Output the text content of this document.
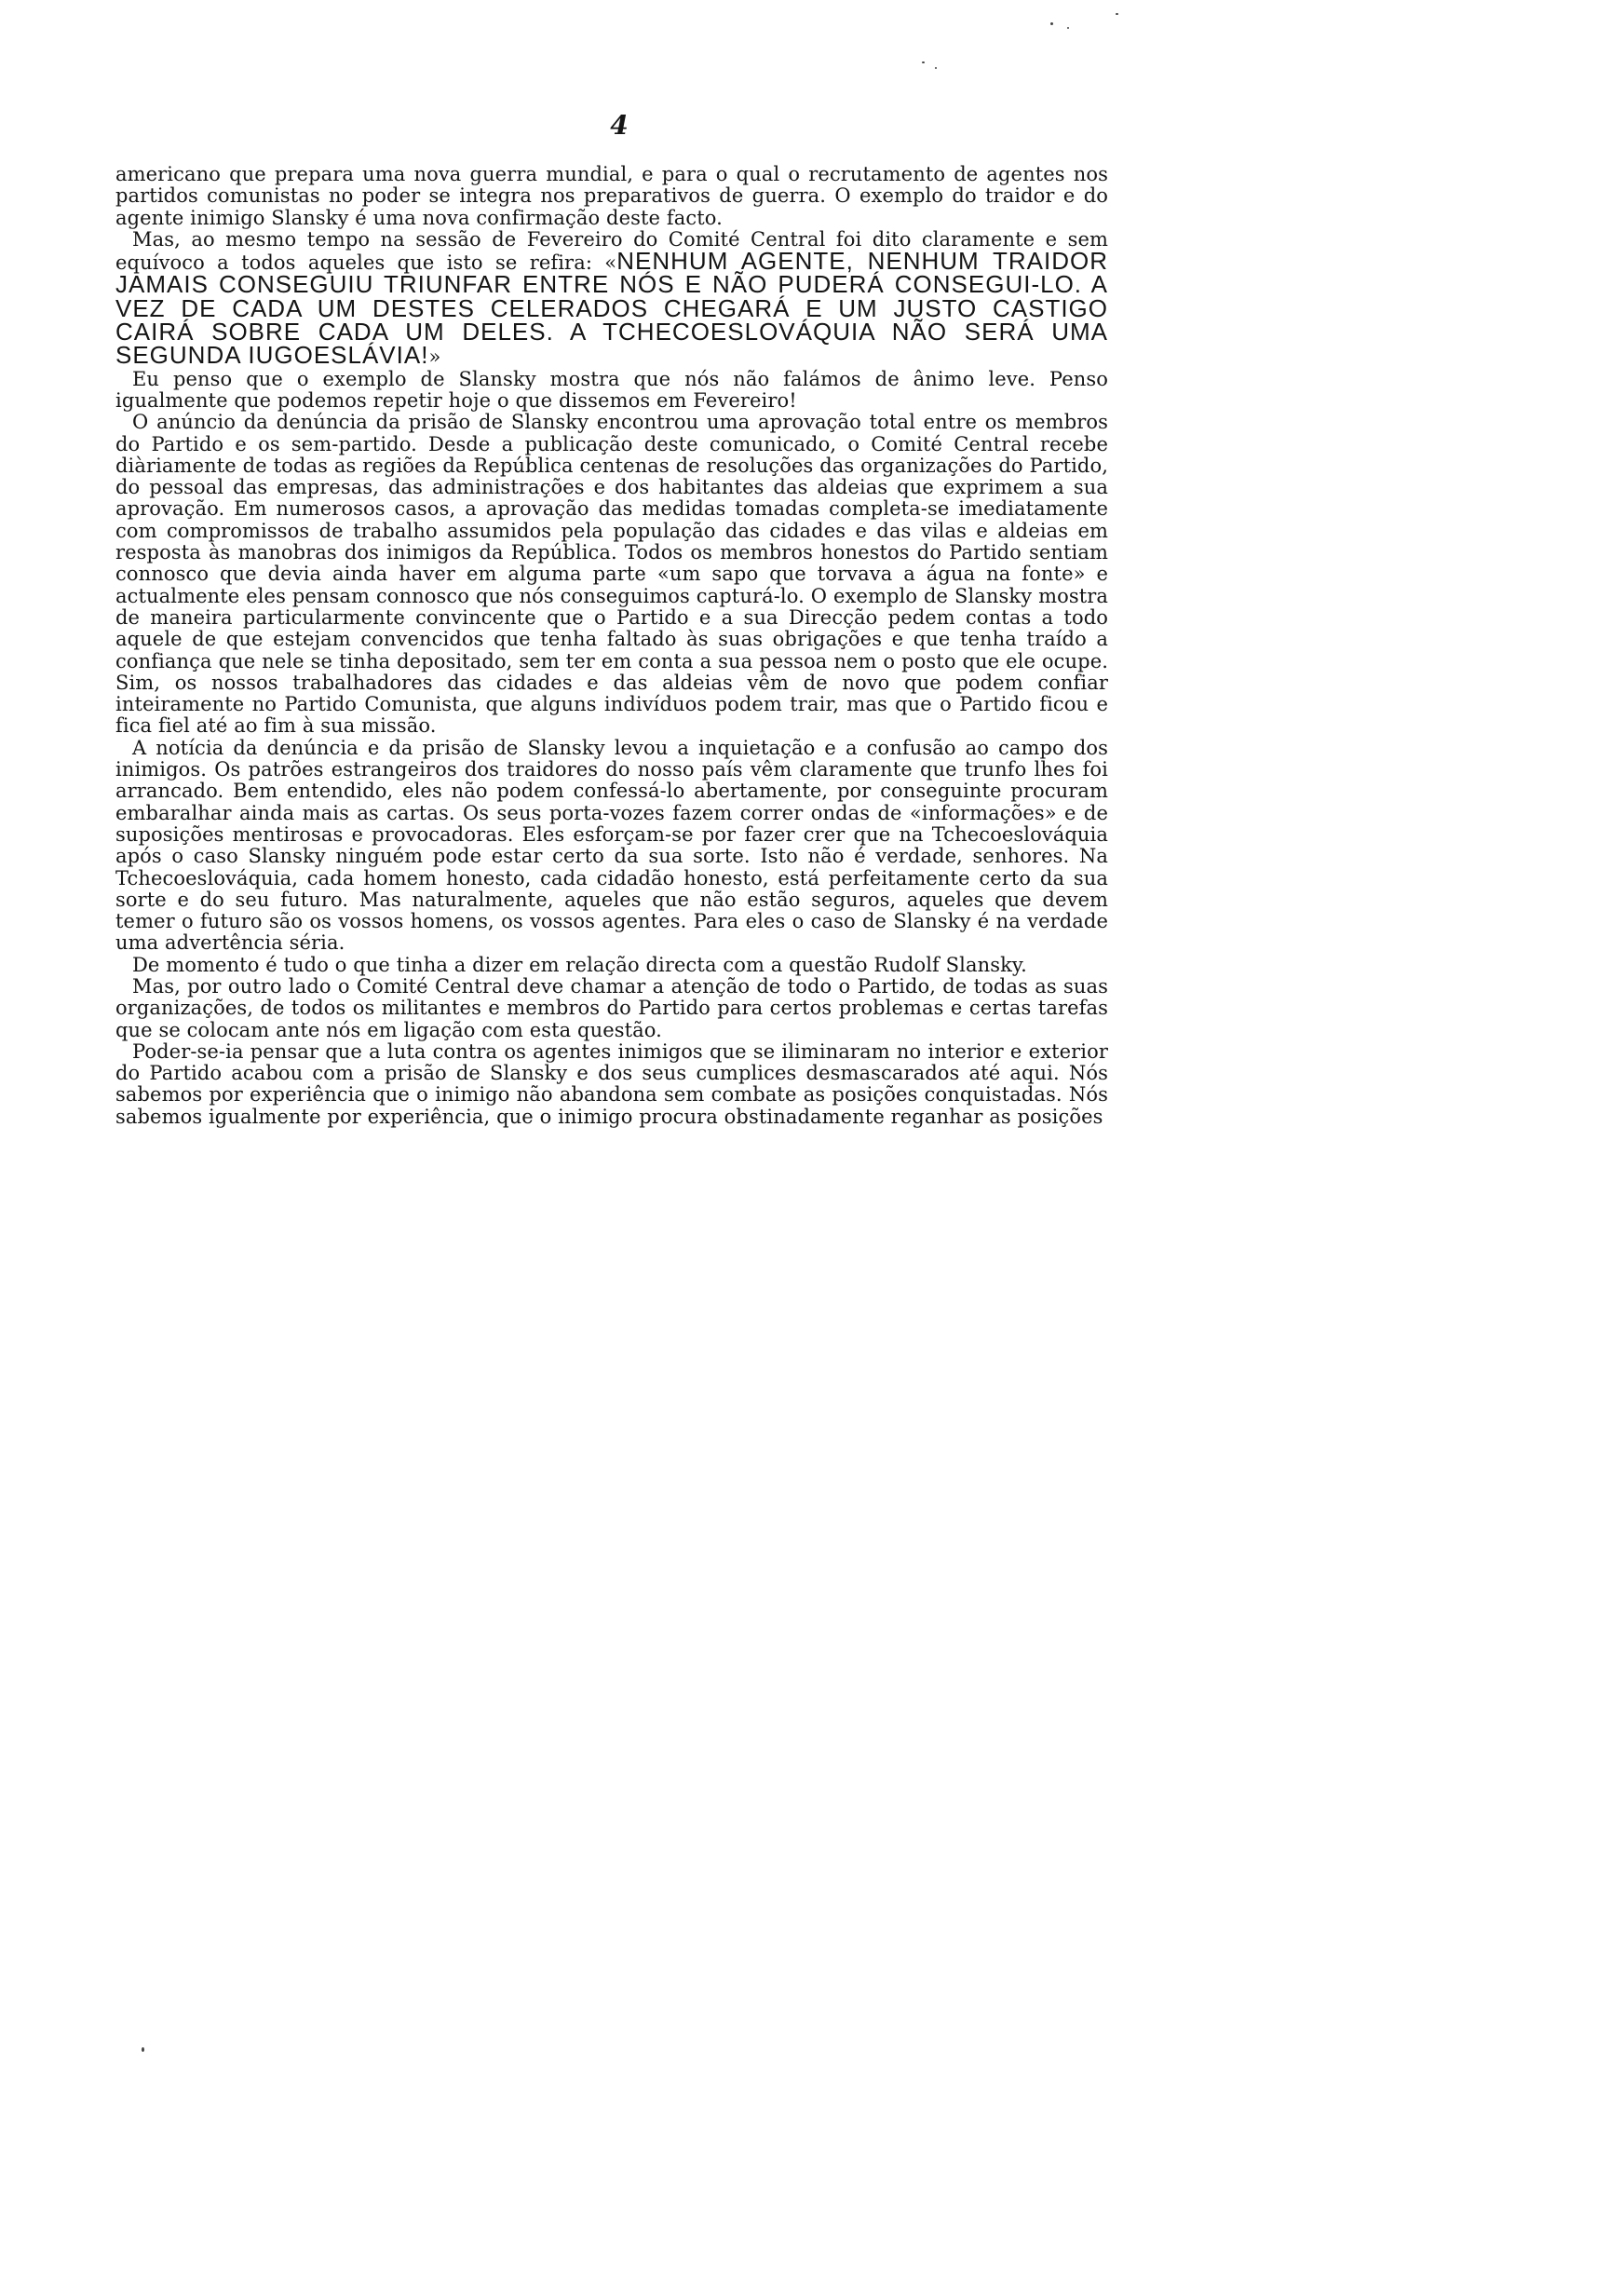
4

americano que prepara uma nova guerra mundial, e para o qual o recrutamento de agentes nos partidos comunistas no poder se integra nos preparativos de guerra. O exemplo do traidor e do agente inimigo Slansky é uma nova confirmação deste facto.

Mas, ao mesmo tempo na sessão de Fevereiro do Comité Central foi dito claramente e sem equívoco a todos aqueles que isto se refira: «NENHUM AGENTE, NENHUM TRAIDOR JAMAIS CONSEGUIU TRIUNFAR ENTRE NÓS E NÃO PUDERÁ CONSEGUI-LO. A VEZ DE CADA UM DESTES CELERADOS CHEGARÁ E UM JUSTO CASTIGO CAIRÁ SOBRE CADA UM DELES. A TCHECOESLOVÁQUIA NÃO SERÁ UMA SEGUNDA IUGOESLÁVIA!»

Eu penso que o exemplo de Slansky mostra que nós não falámos de ânimo leve. Penso igualmente que podemos repetir hoje o que dissemos em Fevereiro!

O anúncio da denúncia da prisão de Slansky encontrou uma aprovação total entre os membros do Partido e os sem-partido. Desde a publicação deste comunicado, o Comité Central recebe diàriamente de todas as regiões da República centenas de resoluções das organizações do Partido, do pessoal das empresas, das administrações e dos habitantes das aldeias que exprimem a sua aprovação. Em numerosos casos, a aprovação das medidas tomadas completa-se imediatamente com compromissos de trabalho assumidos pela população das cidades e das vilas e aldeias em resposta às manobras dos inimigos da República. Todos os membros honestos do Partido sentiam connosco que devia ainda haver em alguma parte «um sapo que torvava a água na fonte» e actualmente eles pensam connosco que nós conseguimos capturá-lo. O exemplo de Slansky mostra de maneira particularmente convincente que o Partido e a sua Direcção pedem contas a todo aquele de que estejam convencidos que tenha faltado às suas obrigações e que tenha traído a confiança que nele se tinha depositado, sem ter em conta a sua pessoa nem o posto que ele ocupe. Sim, os nossos trabalhadores das cidades e das aldeias vêm de novo que podem confiar inteiramente no Partido Comunista, que alguns indivíduos podem trair, mas que o Partido ficou e fica fiel até ao fim à sua missão.

A notícia da denúncia e da prisão de Slansky levou a inquietação e a confusão ao campo dos inimigos. Os patrões estrangeiros dos traidores do nosso país vêm claramente que trunfo lhes foi arrancado. Bem entendido, eles não podem confessá-lo abertamente, por conseguinte procuram embaralhar ainda mais as cartas. Os seus porta-vozes fazem correr ondas de «informações» e de suposições mentirosas e provocadoras. Eles esforçam-se por fazer crer que na Tchecoeslováquia após o caso Slansky ninguém pode estar certo da sua sorte. Isto não é verdade, senhores. Na Tchecoeslováquia, cada homem honesto, cada cidadão honesto, está perfeitamente certo da sua sorte e do seu futuro. Mas naturalmente, aqueles que não estão seguros, aqueles que devem temer o futuro são os vossos homens, os vossos agentes. Para eles o caso de Slansky é na verdade uma advertência séria.

De momento é tudo o que tinha a dizer em relação directa com a questão Rudolf Slansky.

Mas, por outro lado o Comité Central deve chamar a atenção de todo o Partido, de todas as suas organizações, de todos os militantes e membros do Partido para certos problemas e certas tarefas que se colocam ante nós em ligação com esta questão.

Poder-se-ia pensar que a luta contra os agentes inimigos que se iliminaram no interior e exterior do Partido acabou com a prisão de Slansky e dos seus cumplices desmascarados até aqui. Nós sabemos por experiência que o inimigo não abandona sem combate as posições conquistadas. Nós sabemos igualmente por experiência, que o inimigo procura obstinadamente reganhar as posições
